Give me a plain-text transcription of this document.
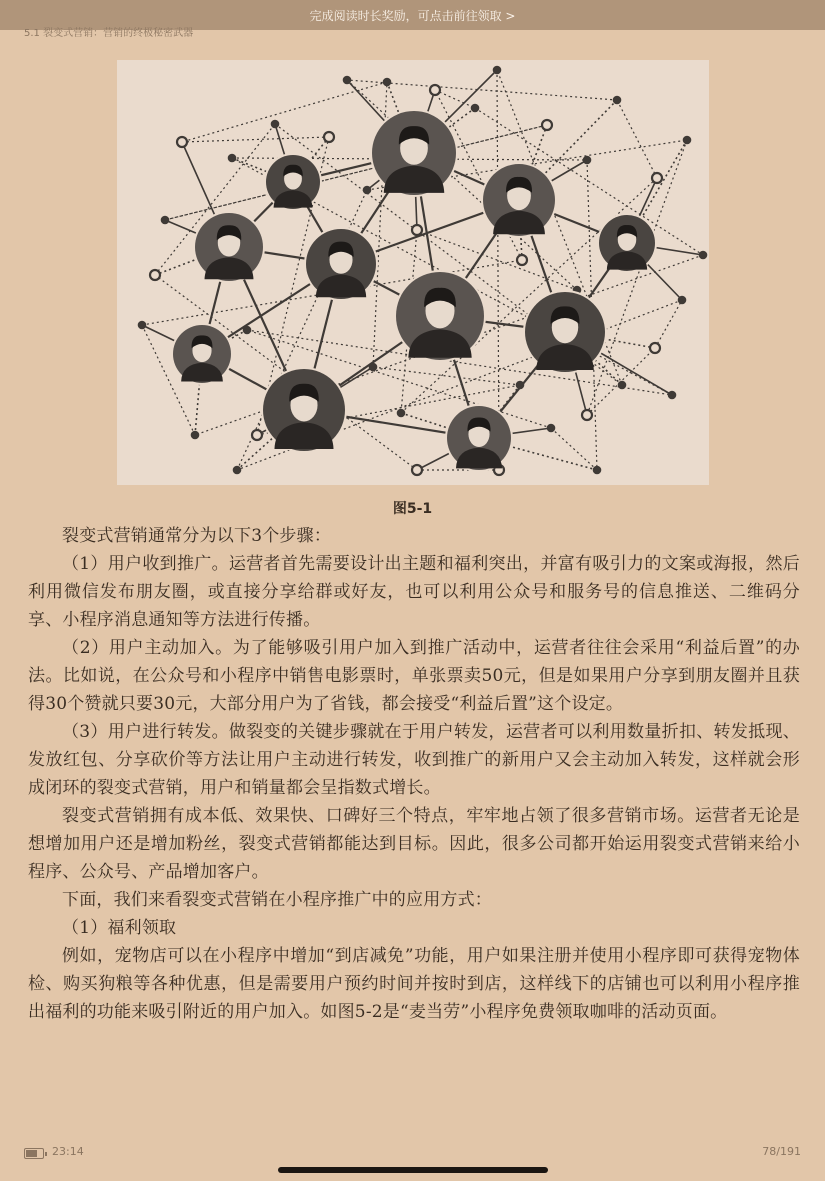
完成阅读时长奖励，可点击前往领取 >
5.1 裂变式营销：营销的终极秘密武器
图5-1

裂变式营销通常分为以下3个步骤：

（1）用户收到推广。运营者首先需要设计出主题和福利突出，并富有吸引力的文案或海报，然后利用微信发布朋友圈，或直接分享给群或好友，也可以利用公众号和服务号的信息推送、二维码分享、小程序消息通知等方法进行传播。

（2）用户主动加入。为了能够吸引用户加入到推广活动中，运营者往往会采用“利益后置”的办法。比如说，在公众号和小程序中销售电影票时，单张票卖50元，但是如果用户分享到朋友圈并且获得30个赞就只要30元，大部分用户为了省钱，都会接受“利益后置”这个设定。

（3）用户进行转发。做裂变的关键步骤就在于用户转发，运营者可以利用数量折扣、转发抵现、发放红包、分享砍价等方法让用户主动进行转发，收到推广的新用户又会主动加入转发，这样就会形成闭环的裂变式营销，用户和销量都会呈指数式增长。

裂变式营销拥有成本低、效果快、口碑好三个特点，牢牢地占领了很多营销市场。运营者无论是想增加用户还是增加粉丝，裂变式营销都能达到目标。因此，很多公司都开始运用裂变式营销来给小程序、公众号、产品增加客户。

下面，我们来看裂变式营销在小程序推广中的应用方式：

（1）福利领取

例如，宠物店可以在小程序中增加“到店减免”功能，用户如果注册并使用小程序即可获得宠物体检、购买狗粮等各种优惠，但是需要用户预约时间并按时到店，这样线下的店铺也可以利用小程序推出福利的功能来吸引附近的用户加入。如图5-2是“麦当劳”小程序免费领取咖啡的活动页面。

23:14	78/191
